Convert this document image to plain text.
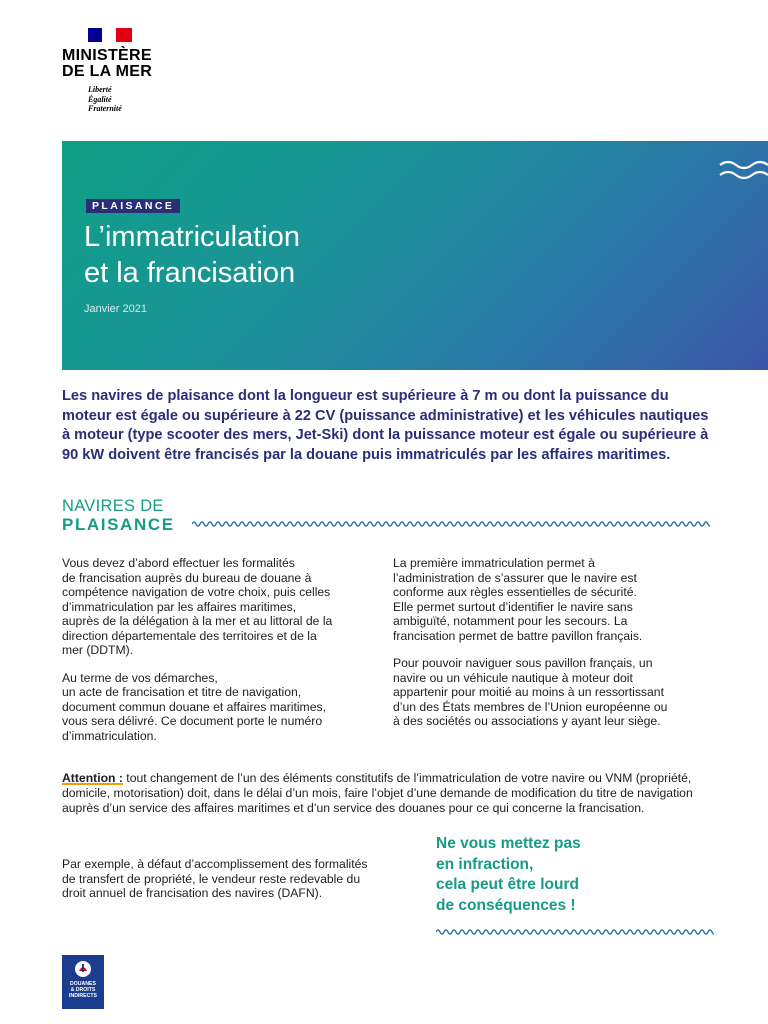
MINISTÈRE
DE LA MER
Liberté
Égalité
Fraternité
PLAISANCE
L’immatriculation
et la francisation
Janvier 2021
Les navires de plaisance dont la longueur est supérieure à 7 m ou dont la puissance du moteur est égale ou supérieure à 22 CV (puissance administrative) et les véhicules nautiques à moteur (type scooter des mers, Jet-Ski) dont la puissance moteur est égale ou supérieure à 90 kW doivent être francisés par la douane puis immatriculés par les affaires maritimes.
NAVIRES DE
PLAISANCE

Vous devez d’abord effectuer les formalités
de francisation auprès du bureau de douane à
compétence navigation de votre choix, puis celles
d’immatriculation par les affaires maritimes,
auprès de la délégation à la mer et au littoral de la
direction départementale des territoires et de la
mer (DDTM).

Au terme de vos démarches,
un acte de francisation et titre de navigation,
document commun douane et affaires maritimes,
vous sera délivré. Ce document porte le numéro
d’immatriculation.

La première immatriculation permet à
l’administration de s’assurer que le navire est
conforme aux règles essentielles de sécurité.
Elle permet surtout d’identifier le navire sans
ambiguïté, notamment pour les secours. La
francisation permet de battre pavillon français.

Pour pouvoir naviguer sous pavillon français, un
navire ou un véhicule nautique à moteur doit
appartenir pour moitié au moins à un ressortissant
d’un des États membres de l’Union européenne ou
à des sociétés ou associations y ayant leur siège.

Attention : tout changement de l’un des éléments constitutifs de l’immatriculation de votre navire ou VNM (propriété, domicile, motorisation) doit, dans le délai d’un mois, faire l’objet d’une demande de modification du titre de navigation auprès d’un service des affaires maritimes et d’un service des douanes pour ce qui concerne la francisation.
Par exemple, à défaut d’accomplissement des formalités
de transfert de propriété, le vendeur reste redevable du
droit annuel de francisation des navires (DAFN).
Ne vous mettez pas
en infraction,
cela peut être lourd
de conséquences !
DOUANES
& DROITS
INDIRECTS
